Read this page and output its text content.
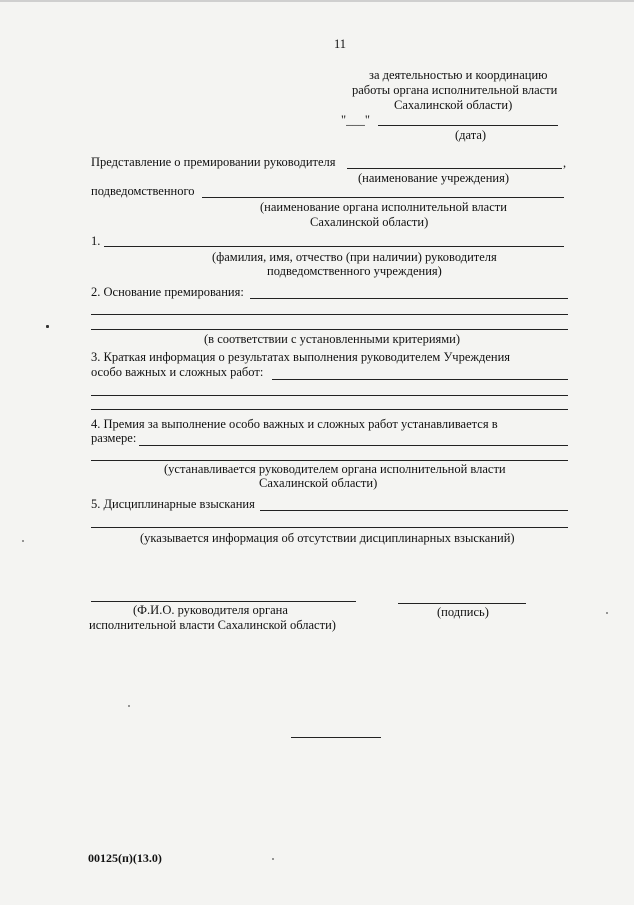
11
за деятельностью и координацию
работы органа исполнительной власти
Сахалинской области)
"___"
(дата)
Представление о премировании руководителя	,
(наименование учреждения)
подведомственного
(наименование органа исполнительной власти
Сахалинской области)
1.
(фамилия, имя, отчество (при наличии) руководителя
подведомственного учреждения)
2. Основание премирования:
(в соответствии с установленными критериями)
3. Краткая информация о результатах выполнения руководителем Учреждения
особо важных и сложных работ:
4. Премия за выполнение особо важных и сложных работ устанавливается в
размере:
(устанавливается руководителем органа исполнительной власти
Сахалинской области)
5. Дисциплинарные взыскания
(указывается информация об отсутствии дисциплинарных взысканий)
(Ф.И.О. руководителя органа	(подпись)
исполнительной власти Сахалинской области)
00125(п)(13.0)
